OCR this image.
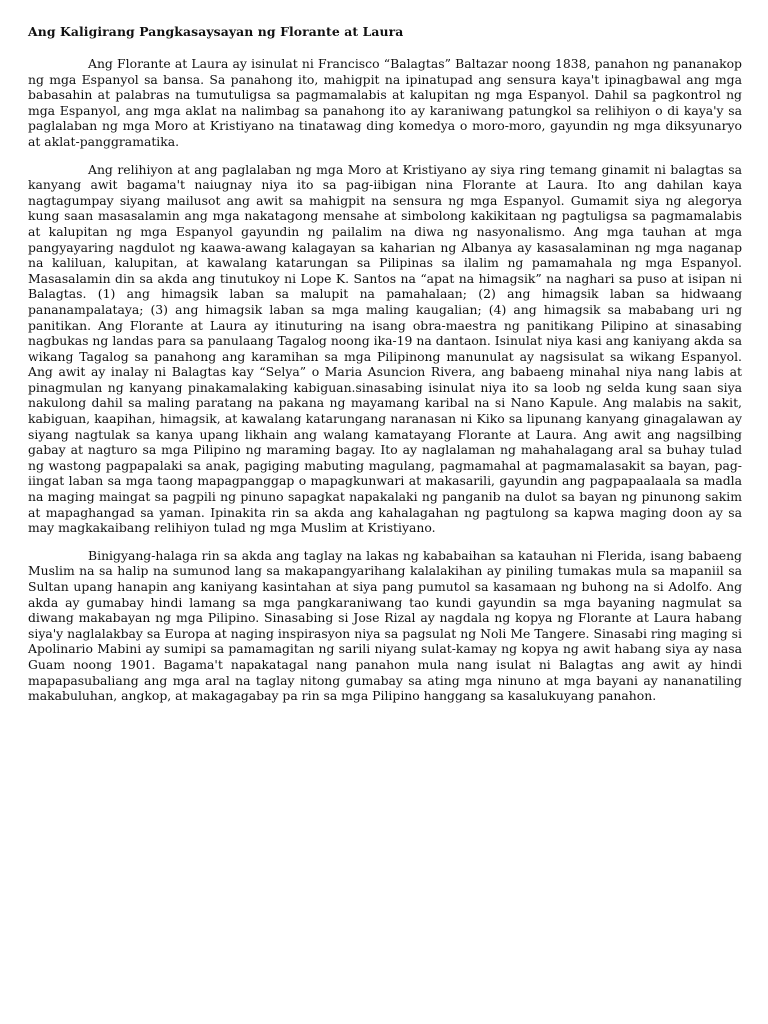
Ang Kaligirang Pangkasaysayan ng Florante at Laura

Ang Florante at Laura ay isinulat ni Francisco “Balagtas” Baltazar noong 1838, panahon ng pananakop ng mga Espanyol sa bansa. Sa panahong ito, mahigpit na ipinatupad ang sensura kaya't ipinagbawal ang mga babasahin at palabras na tumutuligsa sa pagmamalabis at kalupitan ng mga Espanyol. Dahil sa pagkontrol ng mga Espanyol, ang mga aklat na nalimbag sa panahong ito ay karaniwang patungkol sa relihiyon o di kaya'y sa paglalaban ng mga Moro at Kristiyano na tinatawag ding komedya o moro-moro, gayundin ng mga diksyunaryo at aklat-panggramatika.

Ang relihiyon at ang paglalaban ng mga Moro at Kristiyano ay siya ring temang ginamit ni balagtas sa kanyang awit bagama't naiugnay niya ito sa pag-iibigan nina Florante at Laura. Ito ang dahilan kaya nagtagumpay siyang mailusot ang awit sa mahigpit na sensura ng mga Espanyol. Gumamit siya ng alegorya kung saan masasalamin ang mga nakatagong mensahe at simbolong kakikitaan ng pagtuligsa sa pagmamalabis at kalupitan ng mga Espanyol gayundin ng pailalim na diwa ng nasyonalismo. Ang mga tauhan at mga pangyayaring nagdulot ng kaawa-awang kalagayan sa kaharian ng Albanya ay kasasalaminan ng mga naganap na kaliluan, kalupitan, at kawalang katarungan sa Pilipinas sa ilalim ng pamamahala ng mga Espanyol. Masasalamin din sa akda ang tinutukoy ni Lope K. Santos na “apat na himagsik” na naghari sa puso at isipan ni Balagtas. (1) ang himagsik laban sa malupit na pamahalaan; (2) ang himagsik laban sa hidwaang pananampalataya; (3) ang himagsik laban sa mga maling kaugalian; (4) ang himagsik sa mababang uri ng panitikan. Ang Florante at Laura ay itinuturing na isang obra-maestra ng panitikang Pilipino at sinasabing nagbukas ng landas para sa panulaang Tagalog noong ika-19 na dantaon. Isinulat niya kasi ang kaniyang akda sa wikang Tagalog sa panahong ang karamihan sa mga Pilipinong manunulat ay nagsisulat sa wikang Espanyol. Ang awit ay inalay ni Balagtas kay “Selya” o Maria Asuncion Rivera, ang babaeng minahal niya nang labis at pinagmulan ng kanyang pinakamalaking kabiguan.sinasabing isinulat niya ito sa loob ng selda kung saan siya nakulong dahil sa maling paratang na pakana ng mayamang karibal na si Nano Kapule. Ang malabis na sakit, kabiguan, kaapihan, himagsik, at kawalang katarungang naranasan ni Kiko sa lipunang kanyang ginagalawan ay siyang nagtulak sa kanya upang likhain ang walang kamatayang Florante at Laura. Ang awit ang nagsilbing gabay at nagturo sa mga Pilipino ng maraming bagay. Ito ay naglalaman ng mahahalagang aral sa buhay tulad ng wastong pagpapalaki sa anak, pagiging mabuting magulang, pagmamahal at pagmamalasakit sa bayan, pag-iingat laban sa mga taong mapagpanggap o mapagkunwari at makasarili, gayundin ang pagpapaalaala sa madla na maging maingat sa pagpili ng pinuno sapagkat napakalaki ng panganib na dulot sa bayan ng pinunong sakim at mapaghangad sa yaman. Ipinakita rin sa akda ang kahalagahan ng pagtulong sa kapwa maging doon ay sa may magkakaibang relihiyon tulad ng mga Muslim at Kristiyano.

Binigyang-halaga rin sa akda ang taglay na lakas ng kababaihan sa katauhan ni Flerida, isang babaeng Muslim na sa halip na sumunod lang sa makapangyarihang kalalakihan ay piniling tumakas mula sa mapaniil sa Sultan upang hanapin ang kaniyang kasintahan at siya pang pumutol sa kasamaan ng buhong na si Adolfo. Ang akda ay gumabay hindi lamang sa mga pangkaraniwang tao kundi gayundin sa mga bayaning nagmulat sa diwang makabayan ng mga Pilipino. Sinasabing si Jose Rizal ay nagdala ng kopya ng Florante at Laura habang siya'y naglalakbay sa Europa at naging inspirasyon niya sa pagsulat ng Noli Me Tangere. Sinasabi ring maging si Apolinario Mabini ay sumipi sa pamamagitan ng sarili niyang sulat-kamay ng kopya ng awit habang siya ay nasa Guam noong 1901. Bagama't napakatagal nang panahon mula nang isulat ni Balagtas ang awit ay hindi mapapasubaliang ang mga aral na taglay nitong gumabay sa ating mga ninuno at mga bayani ay nananatiling makabuluhan, angkop, at makagagabay pa rin sa mga Pilipino hanggang sa kasalukuyang panahon.
